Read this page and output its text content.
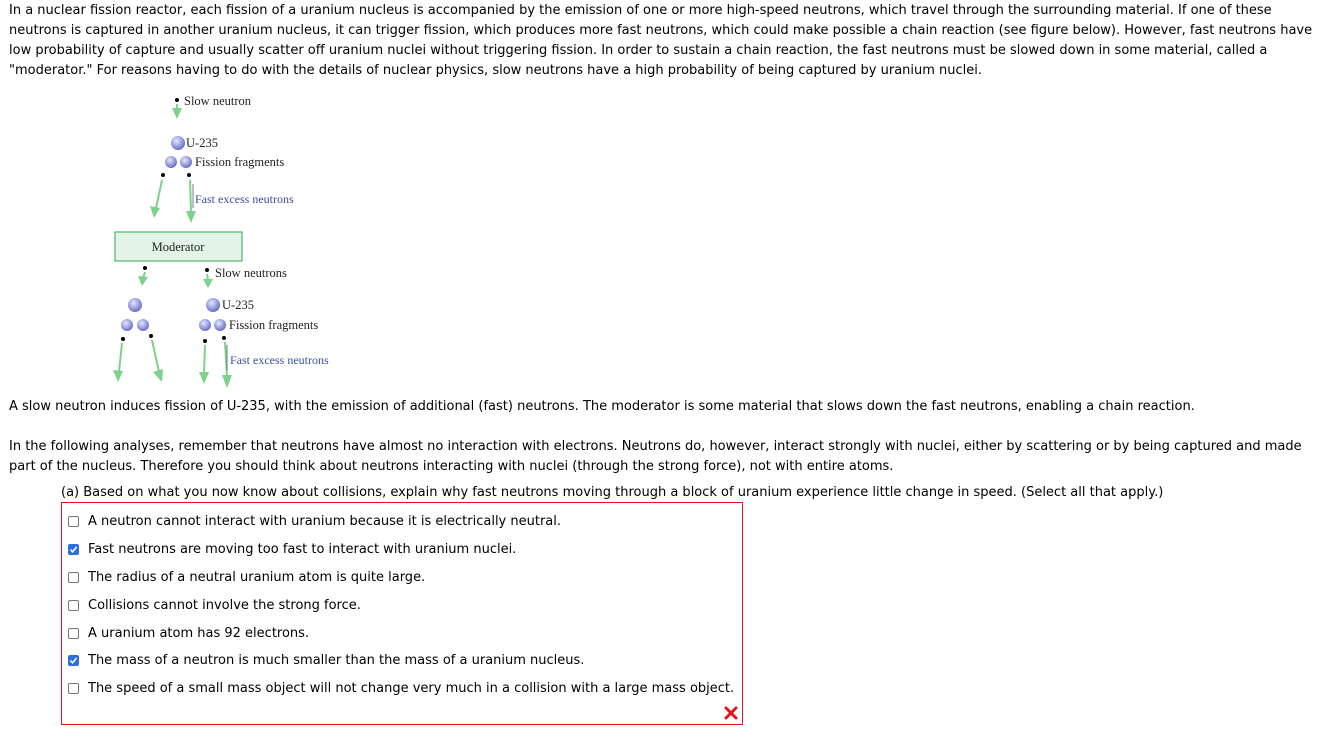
In a nuclear fission reactor, each fission of a uranium nucleus is accompanied by the emission of one or more high-speed neutrons, which travel through the surrounding material. If one of these neutrons is captured in another uranium nucleus, it can trigger fission, which produces more fast neutrons, which could make possible a chain reaction (see figure below). However, fast neutrons have low probability of capture and usually scatter off uranium nuclei without triggering fission. In order to sustain a chain reaction, the fast neutrons must be slowed down in some material, called a "moderator." For reasons having to do with the details of nuclear physics, slow neutrons have a high probability of being captured by uranium nuclei.

Slow neutron
U-235
Fission fragments
Fast excess neutrons
Moderator
Slow neutrons
U-235
Fission fragments
Fast excess neutrons

A slow neutron induces fission of U-235, with the emission of additional (fast) neutrons. The moderator is some material that slows down the fast neutrons, enabling a chain reaction.

In the following analyses, remember that neutrons have almost no interaction with electrons. Neutrons do, however, interact strongly with nuclei, either by scattering or by being captured and made part of the nucleus. Therefore you should think about neutrons interacting with nuclei (through the strong force), not with entire atoms.

(a) Based on what you now know about collisions, explain why fast neutrons moving through a block of uranium experience little change in speed. (Select all that apply.)

A neutron cannot interact with uranium because it is electrically neutral.
Fast neutrons are moving too fast to interact with uranium nuclei.
The radius of a neutral uranium atom is quite large.
Collisions cannot involve the strong force.
A uranium atom has 92 electrons.
The mass of a neutron is much smaller than the mass of a uranium nucleus.
The speed of a small mass object will not change very much in a collision with a large mass object.
